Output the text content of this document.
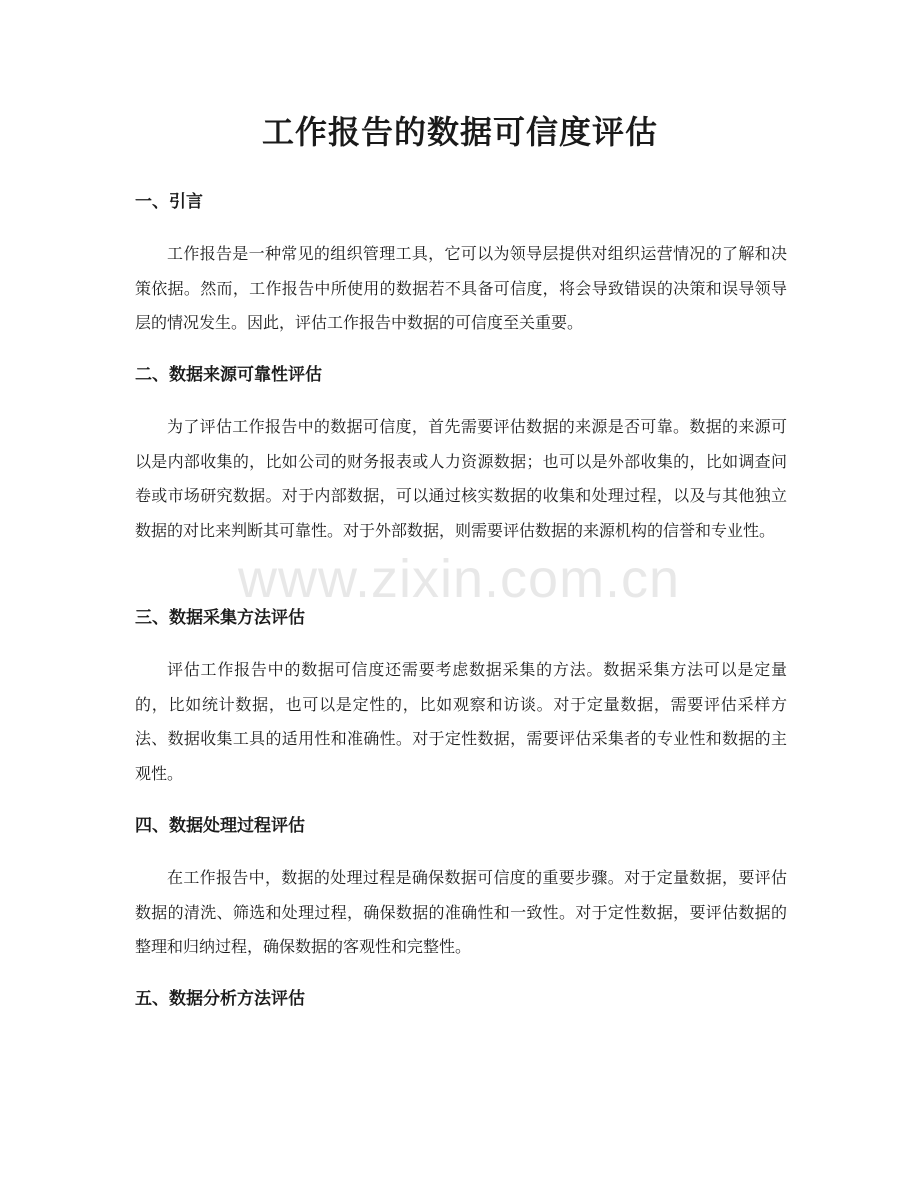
工作报告的数据可信度评估
www.zixin.com.cn
一、引言

工作报告是一种常见的组织管理工具，它可以为领导层提供对组织运营情况的了解和决策依据。然而，工作报告中所使用的数据若不具备可信度，将会导致错误的决策和误导领导层的情况发生。因此，评估工作报告中数据的可信度至关重要。

二、数据来源可靠性评估

为了评估工作报告中的数据可信度，首先需要评估数据的来源是否可靠。数据的来源可以是内部收集的，比如公司的财务报表或人力资源数据；也可以是外部收集的，比如调查问卷或市场研究数据。对于内部数据，可以通过核实数据的收集和处理过程，以及与其他独立数据的对比来判断其可靠性。对于外部数据，则需要评估数据的来源机构的信誉和专业性。

三、数据采集方法评估

评估工作报告中的数据可信度还需要考虑数据采集的方法。数据采集方法可以是定量的，比如统计数据，也可以是定性的，比如观察和访谈。对于定量数据，需要评估采样方法、数据收集工具的适用性和准确性。对于定性数据，需要评估采集者的专业性和数据的主观性。

四、数据处理过程评估

在工作报告中，数据的处理过程是确保数据可信度的重要步骤。对于定量数据，要评估数据的清洗、筛选和处理过程，确保数据的准确性和一致性。对于定性数据，要评估数据的整理和归纳过程，确保数据的客观性和完整性。

五、数据分析方法评估
